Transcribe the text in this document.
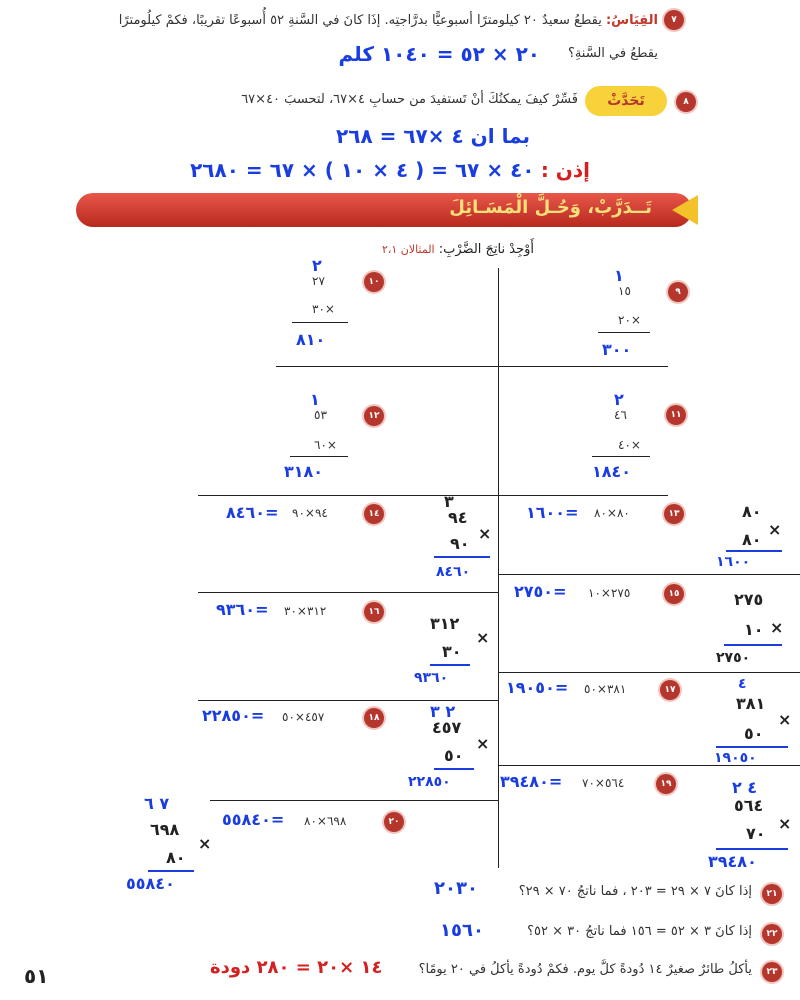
٧
القِيَاسُ: يقطعُ سعيدٌ ٢٠ كيلومترًا أسبوعيًّا بدرَّاجتِه. إذَا كانَ في السَّنةِ ٥٢ أُسبوعًا تقريبًا، فكمْ كيلُومترًا
يقطعُ في السَّنةِ؟
٢٠ × ٥٢ = ١٠٤٠ كلم
٨
تَحَدَّثْ
فَسِّرْ كيفَ يمكنُكَ أنْ تَستفيدَ من حسابِ ٤×٦٧، لتحسبَ ٤٠×٦٧
بما ان ٤ ×٦٧ = ٢٦٨
إذن : ٤٠ × ٦٧ = ( ٤ × ١٠ ) × ٦٧ = ٢٦٨٠
تَــدَرَّبْ، وَحُـلَّ الْمَسَـائِلَ
أَوْجِدْ ناتِجَ الضَّرْبِ: المثالان ٢،١
٩
١
١٥
٢٠×
٣٠٠
١٠
٢
٢٧
٣٠×
٨١٠
١١
٢
٤٦
٤٠×
١٨٤٠
١٢
١
٥٣
٦٠×
٣١٨٠
١٣
٨٠×٨٠
١٦٠٠=	٨٠
×
٨٠
١٦٠٠
١٤
٩٤×٩٠
٨٤٦٠=
٣
٩٤
×
٩٠
٨٤٦٠
١٥
٢٧٥×١٠
٢٧٥٠=	٢٧٥
×
١٠
٢٧٥٠
١٦
٣١٢×٣٠
٩٣٦٠=
٣١٢
×
٣٠
٩٣٦٠
١٧
٣٨١×٥٠
١٩٠٥٠=	٤
٣٨١
×
٥٠
١٩٠٥٠
١٨
٤٥٧×٥٠
٢٢٨٥٠=	٢ ٣
٤٥٧
×
٥٠
٢٢٨٥٠	١٩
٥٦٤×٧٠
٣٩٤٨٠=	٤ ٢
٥٦٤
×
٧٠
٣٩٤٨٠
٢٠
٦٩٨×٨٠
٥٥٨٤٠=
٧ ٦
٦٩٨
×
٨٠
٥٥٨٤٠
٢١
إذا كانَ ٧ × ٢٩ = ٢٠٣ ، فما ناتجُ ٧٠ × ٢٩؟
٢٠٣٠
٢٢
إذا كانَ ٣ × ٥٢ = ١٥٦ فما ناتجُ ٣٠ × ٥٢؟
١٥٦٠
٢٣
يأكلُ طائرٌ صغيرٌ ١٤ دُودةً كلَّ يوم. فكمْ دُودةً يأكلُ في ٢٠ يومًا؟
١٤ ×٢٠ = ٢٨٠ دودة
٥١
